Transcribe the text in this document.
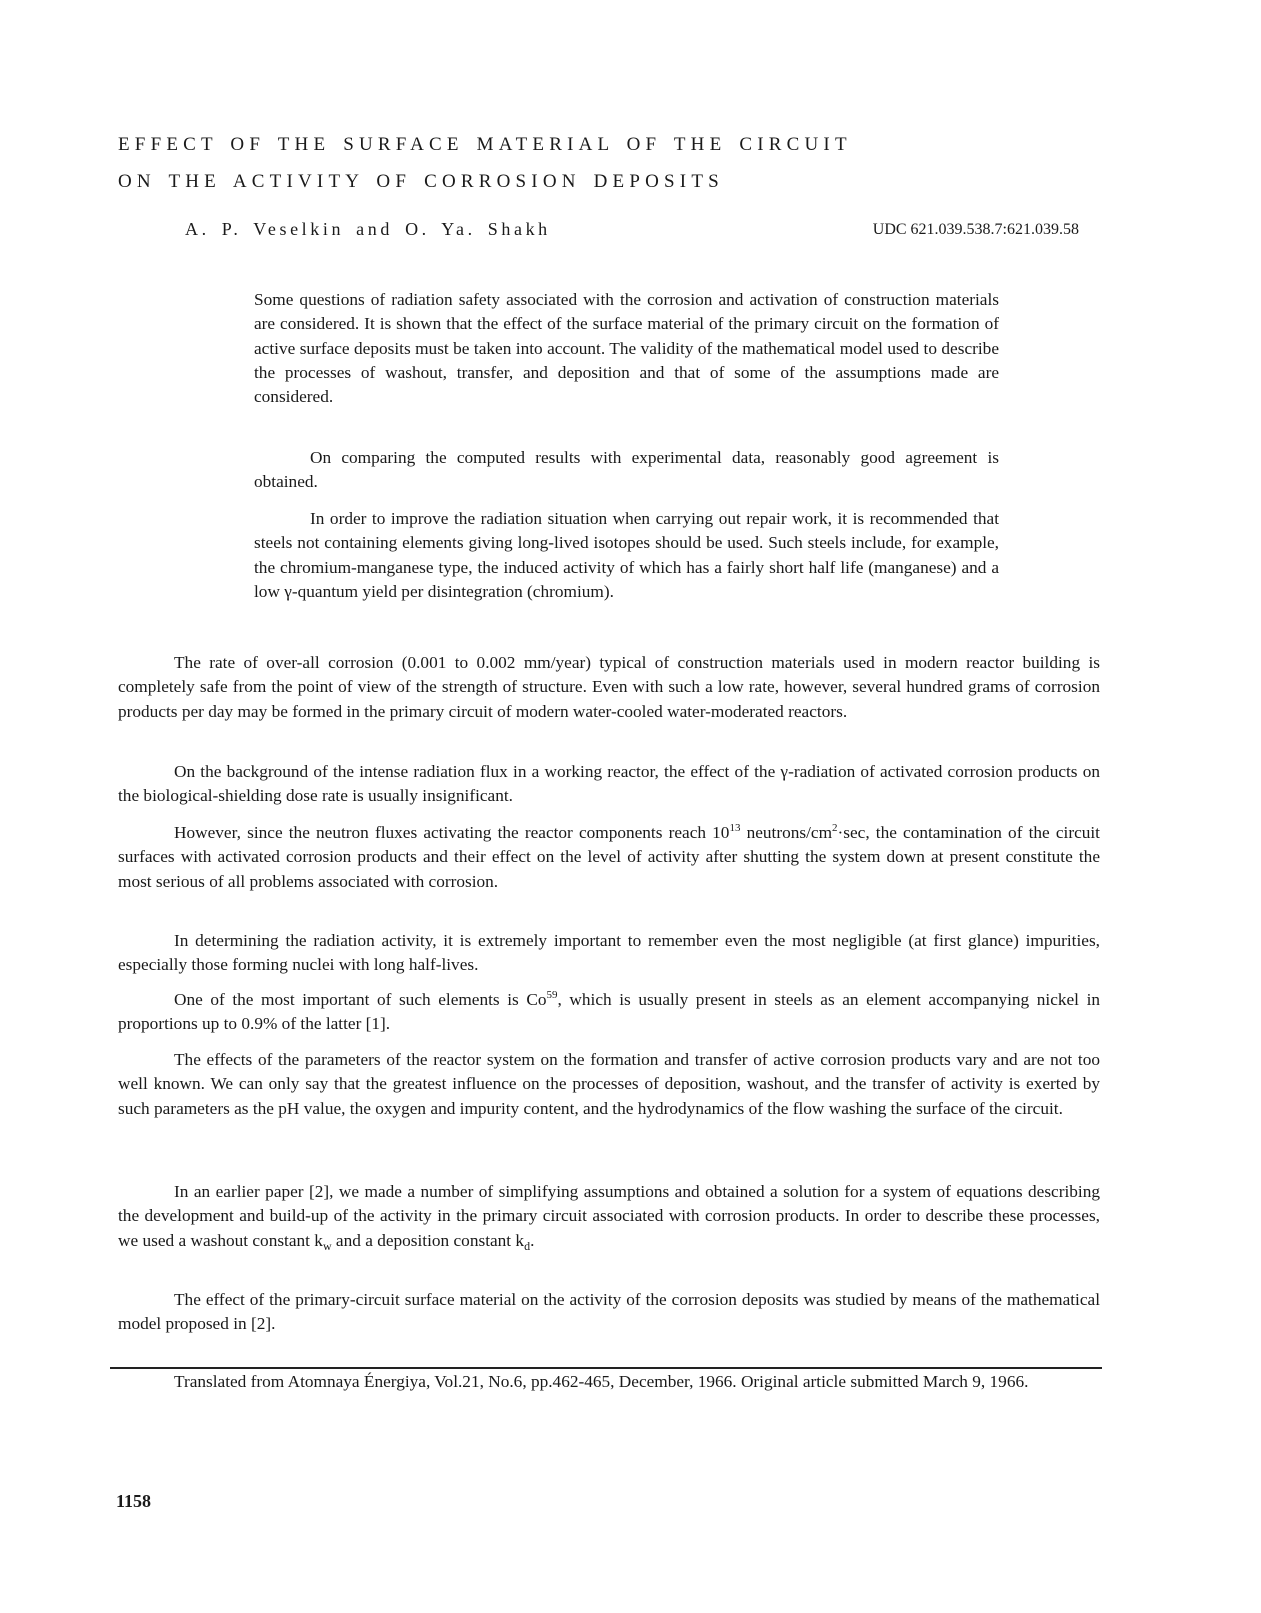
EFFECT OF THE SURFACE MATERIAL OF THE CIRCUIT
ON THE ACTIVITY OF CORROSION DEPOSITS
A. P. Veselkin and O. Ya. Shakh	UDC 621.039.538.7:621.039.58

Some questions of radiation safety associated with the corrosion and activation of construction materials are considered. It is shown that the effect of the surface material of the primary circuit on the formation of active surface deposits must be taken into account. The validity of the mathematical model used to describe the processes of washout, transfer, and deposition and that of some of the assumptions made are considered.

On comparing the computed results with experimental data, reasonably good agreement is obtained.

In order to improve the radiation situation when carrying out repair work, it is recommended that steels not containing elements giving long-lived isotopes should be used. Such steels include, for example, the chromium-manganese type, the induced activity of which has a fairly short half life (manganese) and a low γ-quantum yield per disintegration (chromium).

The rate of over-all corrosion (0.001 to 0.002 mm/year) typical of construction materials used in modern reactor building is completely safe from the point of view of the strength of structure. Even with such a low rate, however, several hundred grams of corrosion products per day may be formed in the primary circuit of modern water-cooled water-moderated reactors.

On the background of the intense radiation flux in a working reactor, the effect of the γ-radiation of activated corrosion products on the biological-shielding dose rate is usually insignificant.

However, since the neutron fluxes activating the reactor components reach $10^{13}$ neutrons/$cm^2\cdot\sec$, the contamination of the circuit surfaces with activated corrosion products and their effect on the level of activity after shutting the system down at present constitute the most serious of all problems associated with corrosion.

In determining the radiation activity, it is extremely important to remember even the most negligible (at first glance) impurities, especially those forming nuclei with long half-lives.

One of the most important of such elements is Co$^{59}$, which is usually present in steels as an element accompanying nickel in proportions up to 0.9% of the latter [1].

The effects of the parameters of the reactor system on the formation and transfer of active corrosion products vary and are not too well known. We can only say that the greatest influence on the processes of deposition, washout, and the transfer of activity is exerted by such parameters as the pH value, the oxygen and impurity content, and the hydrodynamics of the flow washing the surface of the circuit.

In an earlier paper [2], we made a number of simplifying assumptions and obtained a solution for a system of equations describing the development and build-up of the activity in the primary circuit associated with corrosion products. In order to describe these processes, we used a washout constant $k_w$ and a deposition constant $k_d$.

The effect of the primary-circuit surface material on the activity of the corrosion deposits was studied by means of the mathematical model proposed in [2].

Translated from Atomnaya Énergiya, Vol.21, No.6, pp.462-465, December, 1966. Original article submitted March 9, 1966.

1158
